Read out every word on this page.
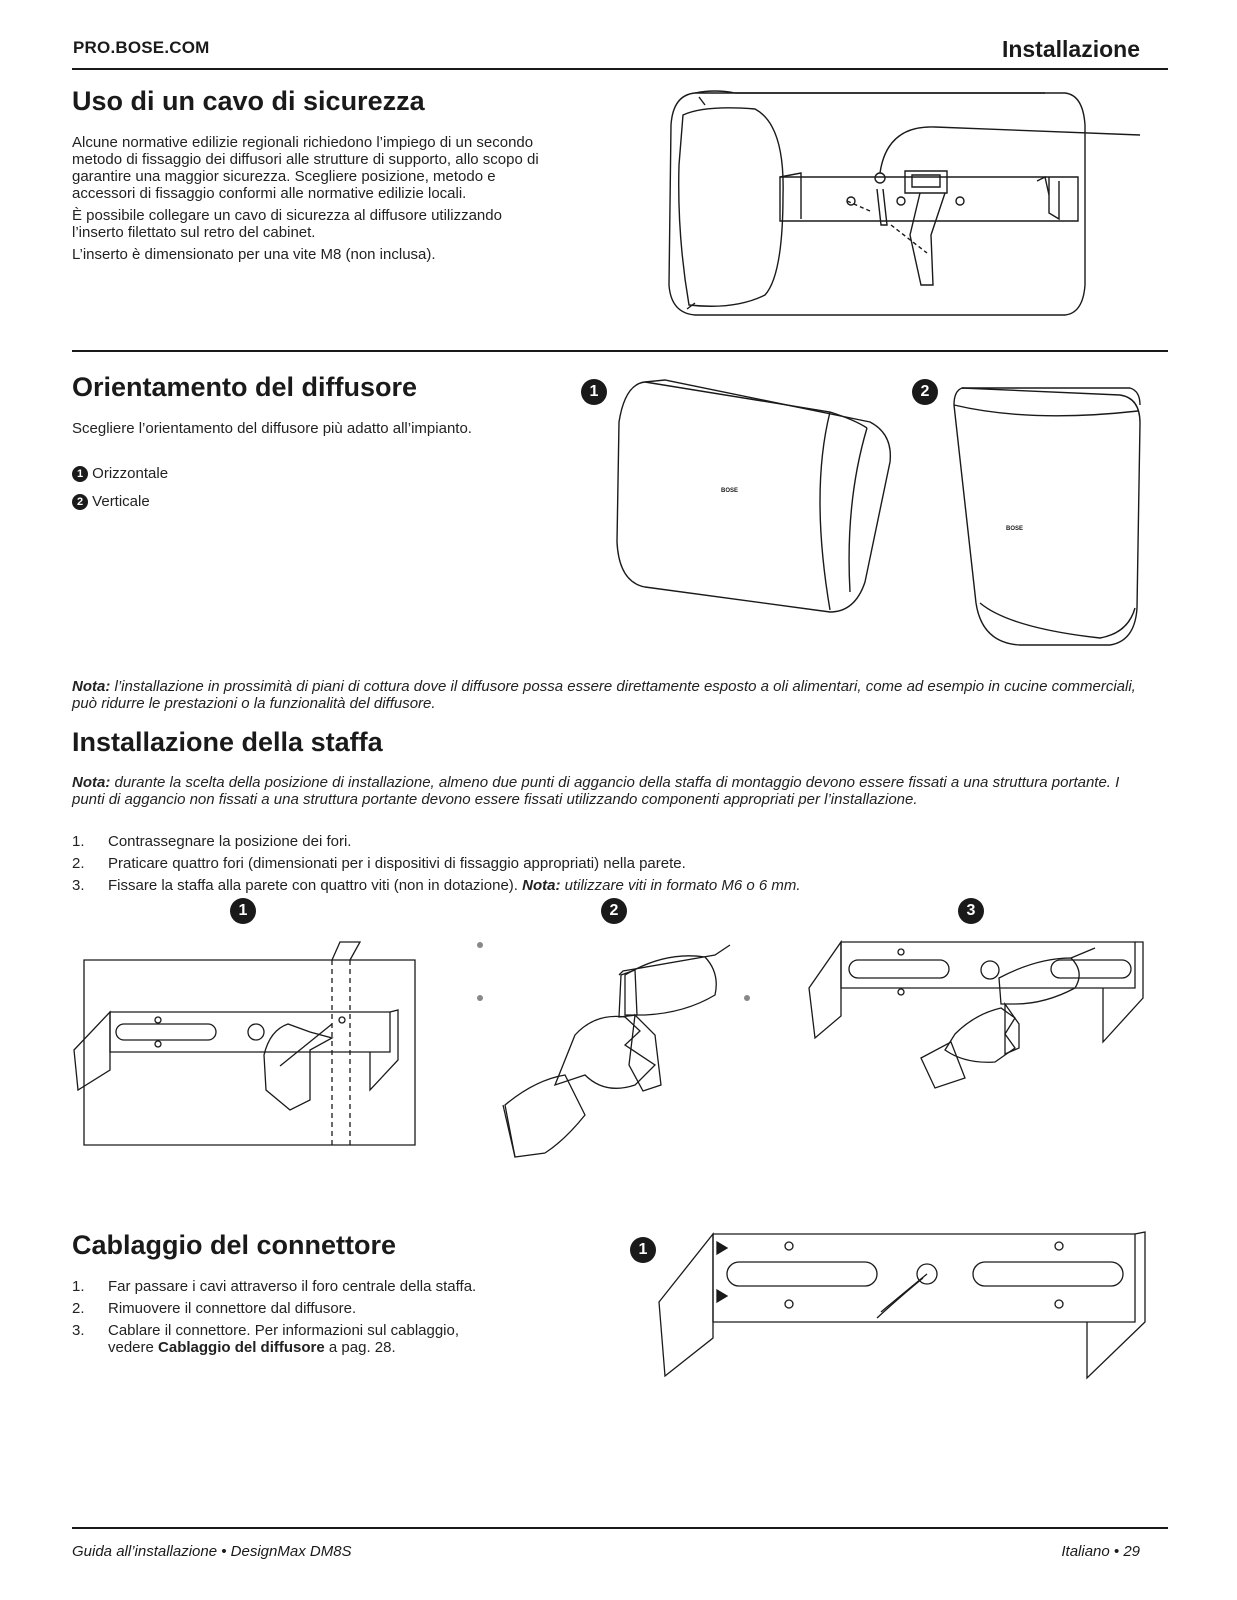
PRO.BOSE.COM	Installazione
Uso di un cavo di sicurezza

Alcune normative edilizie regionali richiedono l’impiego di un secondo metodo di fissaggio dei diffusori alle strutture di supporto, allo scopo di garantire una maggior sicurezza. Scegliere posizione, metodo e accessori di fissaggio conformi alle normative edilizie locali.

È possibile collegare un cavo di sicurezza al diffusore utilizzando l’inserto filettato sul retro del cabinet.

L’inserto è dimensionato per una vite M8 (non inclusa).

Orientamento del diffusore
Scegliere l’orientamento del diffusore più adatto all’impianto.
1 Orizzontale
2 Verticale
1	2
BOSE
BOSE
Nota: l’installazione in prossimità di piani di cottura dove il diffusore possa essere direttamente esposto a oli alimentari, come ad esempio in cucine commerciali, può ridurre le prestazioni o la funzionalità del diffusore.
Installazione della staffa
Nota: durante la scelta della posizione di installazione, almeno due punti di aggancio della staffa di montaggio devono essere fissati a una struttura portante. I punti di aggancio non fissati a una struttura portante devono essere fissati utilizzando componenti appropriati per l’installazione.
1. Contrassegnare la posizione dei fori.
2. Praticare quattro fori (dimensionati per i dispositivi di fissaggio appropriati) nella parete.
3. Fissare la staffa alla parete con quattro viti (non in dotazione). Nota: utilizzare viti in formato M6 o 6 mm.
1	2	3
Cablaggio del connettore
1. Far passare i cavi attraverso il foro centrale della staffa.
2. Rimuovere il connettore dal diffusore.
3. Cablare il connettore. Per informazioni sul cablaggio,
vedere Cablaggio del diffusore a pag. 28.
1
Guida all’installazione • DesignMax DM8S	Italiano • 29
